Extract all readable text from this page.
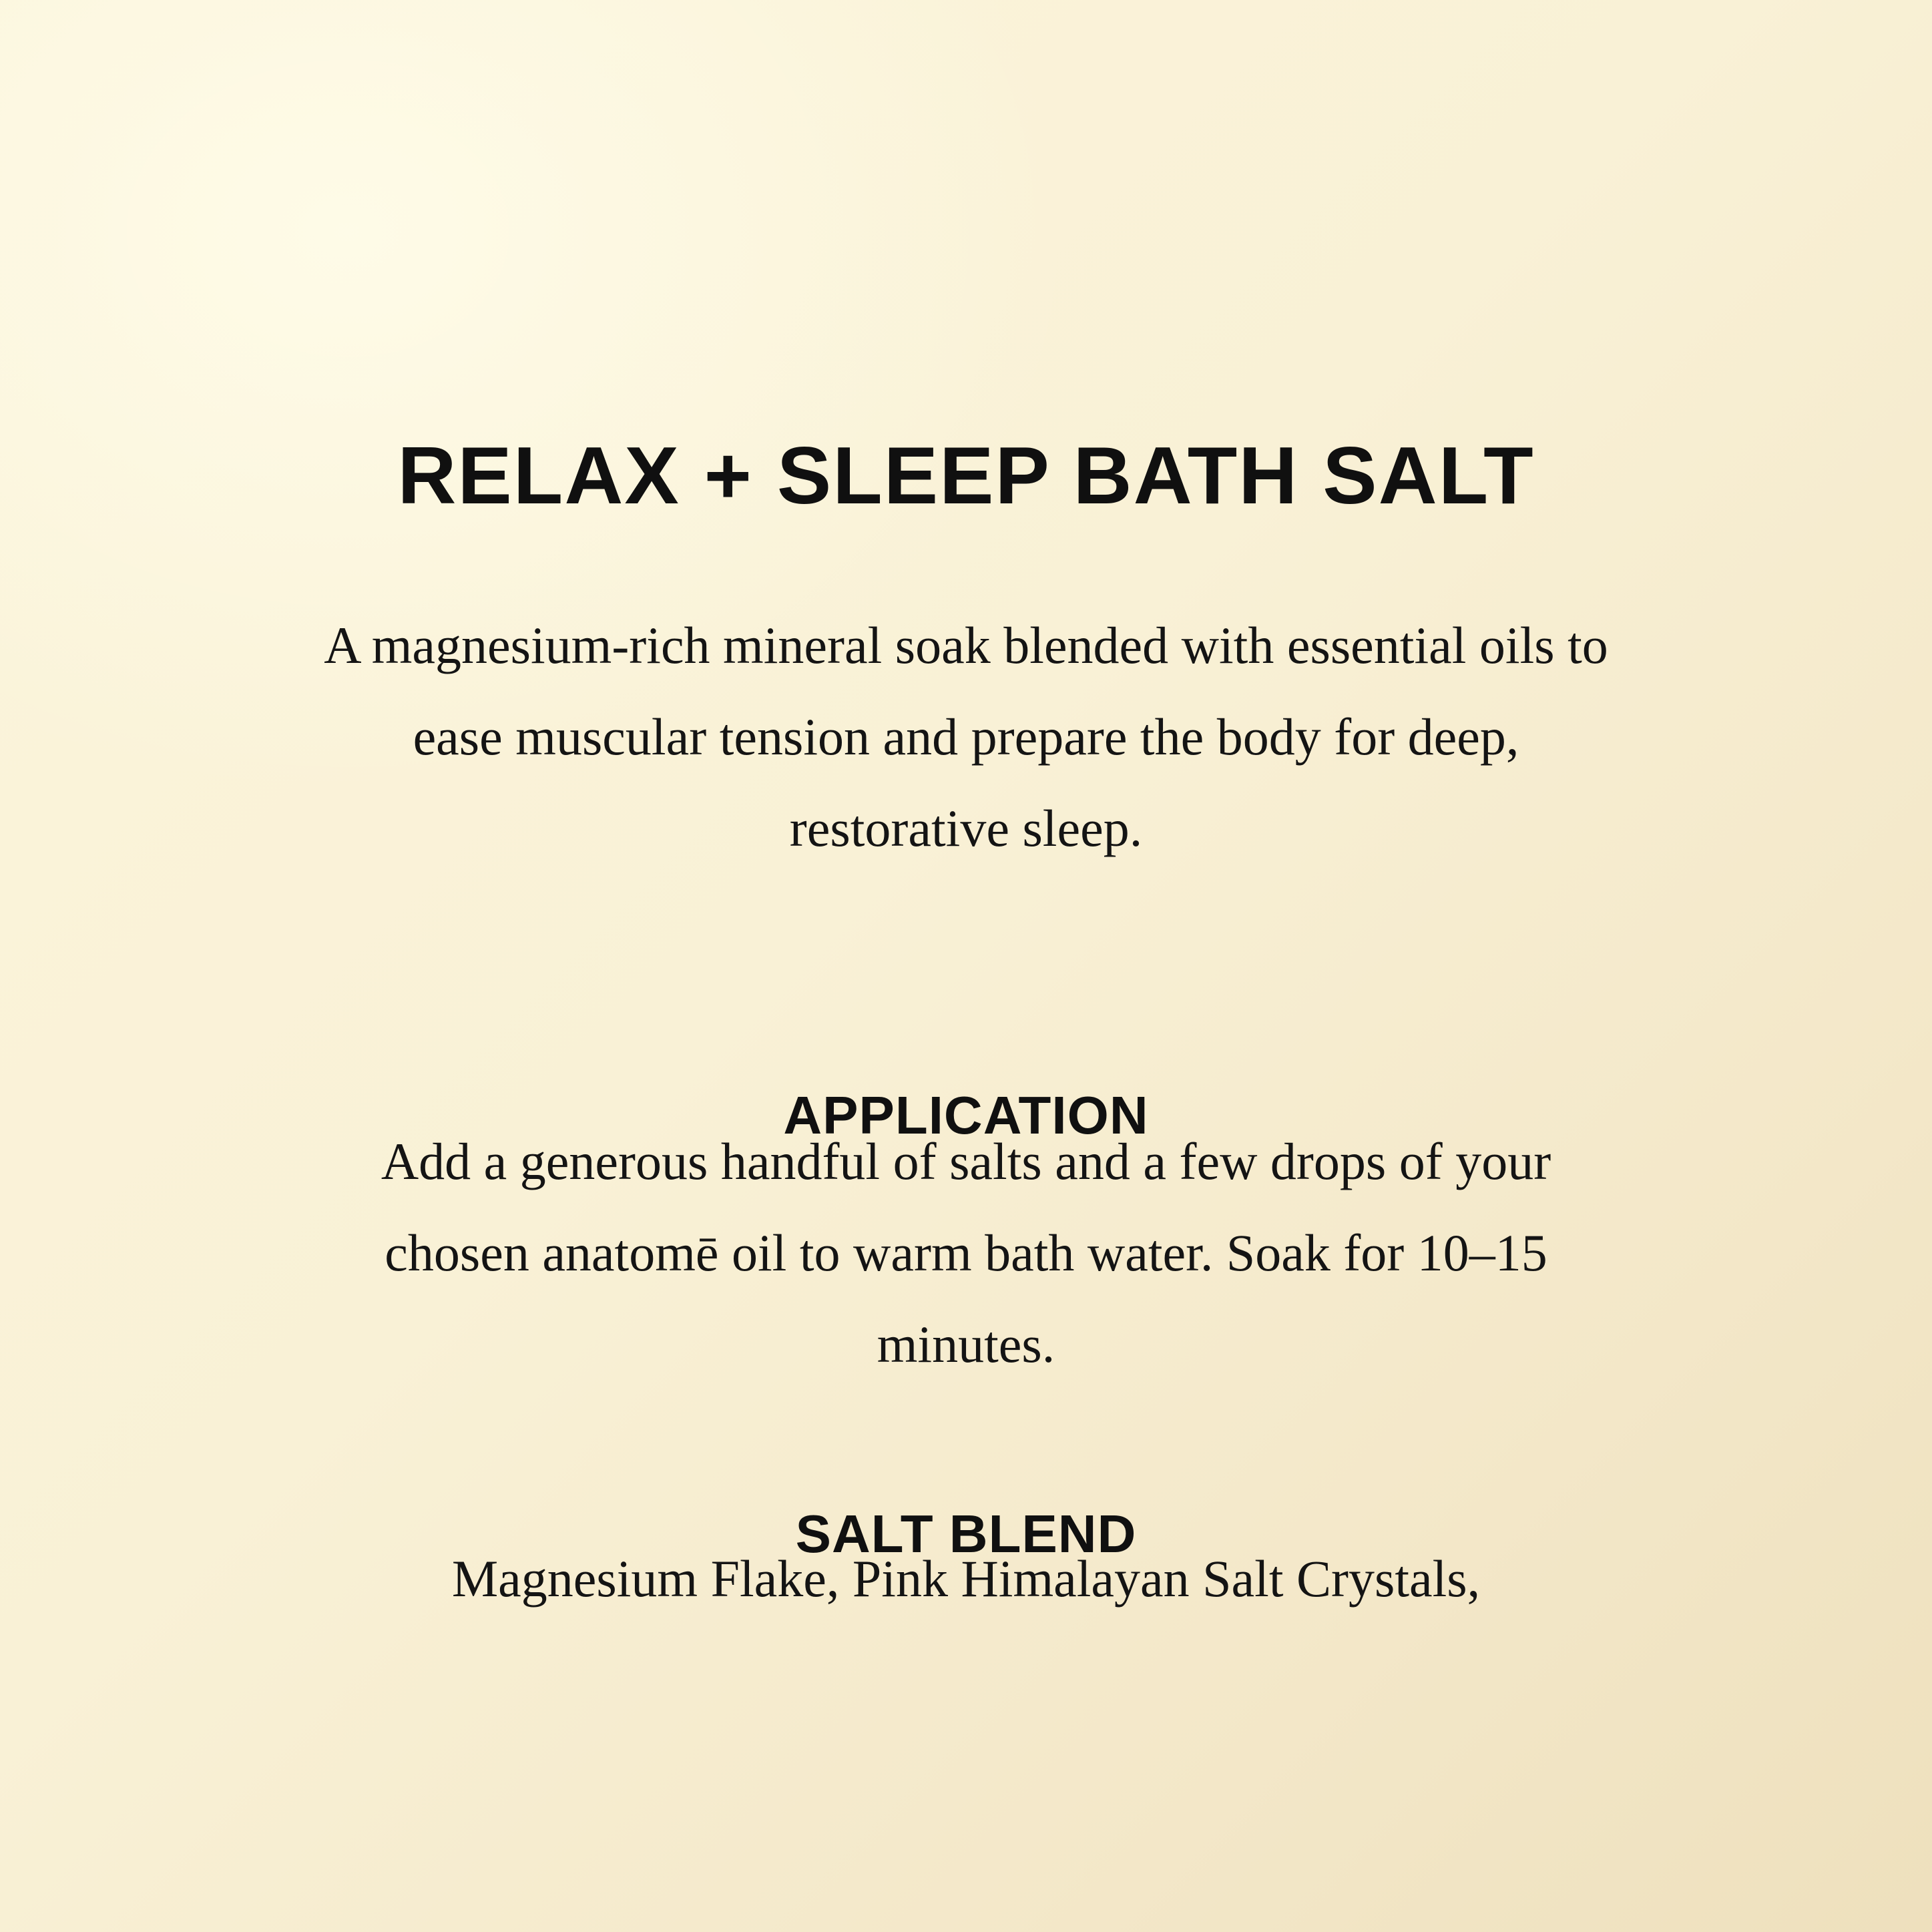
RELAX + SLEEP BATH SALT
A magnesium-rich mineral soak blended with essential oils to
ease muscular tension and prepare the body for deep,
restorative sleep.
APPLICATION
Add a generous handful of salts and a few drops of your
chosen anatomē oil to warm bath water. Soak for 10–15
minutes.
SALT BLEND
Magnesium Flake, Pink Himalayan Salt Crystals,
